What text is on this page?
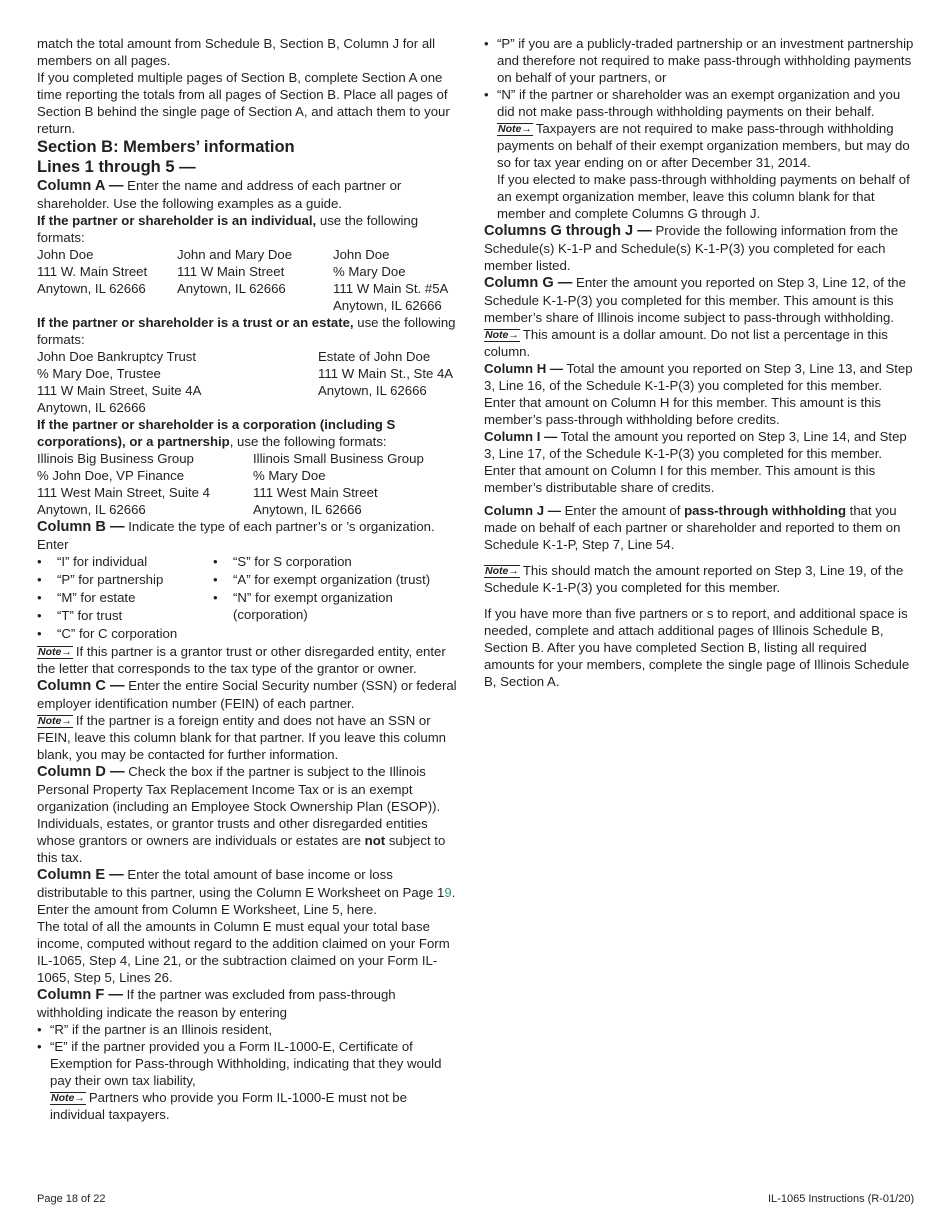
match the total amount from Schedule B, Section B, Column J for all members on all pages.

If you completed multiple pages of Section B, complete Section A one time reporting the totals from all pages of Section B. Place all pages of Section B behind the single page of Section A, and attach them to your return.

Section B: Members’ information
Lines 1 through 5 —

Column A — Enter the name and address of each partner or shareholder. Use the following examples as a guide.

If the partner or shareholder is an individual, use the following formats:

John Doe
111 W. Main Street
Anytown, IL 62666
John and Mary Doe
111 W Main Street
Anytown, IL 62666
John Doe
% Mary Doe
111 W Main St. #5A
Anytown, IL 62666

If the partner or shareholder is a trust or an estate, use the following formats:

John Doe Bankruptcy Trust
% Mary Doe, Trustee
111 W Main Street, Suite 4A
Anytown, IL 62666
Estate of John Doe
111 W Main St., Ste 4A
Anytown, IL 62666

If the partner or shareholder is a corporation (including S corporations), or a partnership, use the following formats:

Illinois Big Business Group
% John Doe, VP Finance
111 West Main Street, Suite 4
Anytown, IL 62666
Illinois Small Business Group
% Mary Doe
111 West Main Street
Anytown, IL 62666

Column B — Indicate the type of each partner’s or ’s organization. Enter

• “I” for individual
• “P” for partnership
• “M” for estate
• “T” for trust
• “C” for C corporation
• “S” for S corporation
• “A” for exempt organization (trust)
• “N” for exempt organization (corporation)

Note→ If this partner is a grantor trust or other disregarded entity, enter the letter that corresponds to the tax type of the grantor or owner.

Column C — Enter the entire Social Security number (SSN) or federal employer identification number (FEIN) of each partner.

Note→ If the partner is a foreign entity and does not have an SSN or FEIN, leave this column blank for that partner. If you leave this column blank, you may be contacted for further information.

Column D — Check the box if the partner is subject to the Illinois Personal Property Tax Replacement Income Tax or is an exempt organization (including an Employee Stock Ownership Plan (ESOP)). Individuals, estates, or grantor trusts and other disregarded entities whose grantors or owners are individuals or estates are not subject to this tax.

Column E — Enter the total amount of base income or loss distributable to this partner, using the Column E Worksheet on Page 19. Enter the amount from Column E Worksheet, Line 5, here.

The total of all the amounts in Column E must equal your total base income, computed without regard to the addition claimed on your Form IL-1065, Step 4, Line 21, or the subtraction claimed on your Form IL-1065, Step 5, Lines 26.

Column F — If the partner was excluded from pass-through withholding indicate the reason by entering

• “R” if the partner is an Illinois resident,
• “E” if the partner provided you a Form IL-1000-E, Certificate of Exemption for Pass-through Withholding, indicating that they would pay their own tax liability,

Note→ Partners who provide you Form IL-1000-E must not be individual taxpayers.

• “P” if you are a publicly-traded partnership or an investment partnership and therefore not required to make pass-through withholding payments on behalf of your partners, or
• “N” if the partner or shareholder was an exempt organization and you did not make pass-through withholding payments on their behalf.

Note→ Taxpayers are not required to make pass-through withholding payments on behalf of their exempt organization members, but may do so for tax year ending on or after December 31, 2014.

If you elected to make pass-through withholding payments on behalf of an exempt organization member, leave this column blank for that member and complete Columns G through J.

Columns G through J — Provide the following information from the Schedule(s) K-1-P and Schedule(s) K-1-P(3) you completed for each member listed.

Column G — Enter the amount you reported on Step 3, Line 12, of the Schedule K-1-P(3) you completed for this member. This amount is this member’s share of Illinois income subject to pass-through withholding.

Note→ This amount is a dollar amount. Do not list a percentage in this column.

Column H — Total the amount you reported on Step 3, Line 13, and Step 3, Line 16, of the Schedule K-1-P(3) you completed for this member. Enter that amount on Column H for this member. This amount is this member’s pass-through withholding before credits.

Column I — Total the amount you reported on Step 3, Line 14, and Step 3, Line 17, of the Schedule K-1-P(3) you completed for this member. Enter that amount on Column I for this member. This amount is this member’s distributable share of credits.

Column J — Enter the amount of pass-through withholding that you made on behalf of each partner or shareholder and reported to them on Schedule K-1-P, Step 7, Line 54.

Note→ This should match the amount reported on Step 3, Line 19, of the Schedule K-1-P(3) you completed for this member.

If you have more than five partners or s to report, and additional space is needed, complete and attach additional pages of Illinois Schedule B, Section B. After you have completed Section B, listing all required amounts for your members, complete the single page of Illinois Schedule B, Section A.

Page 18 of 22	IL-1065 Instructions (R-01/20)
